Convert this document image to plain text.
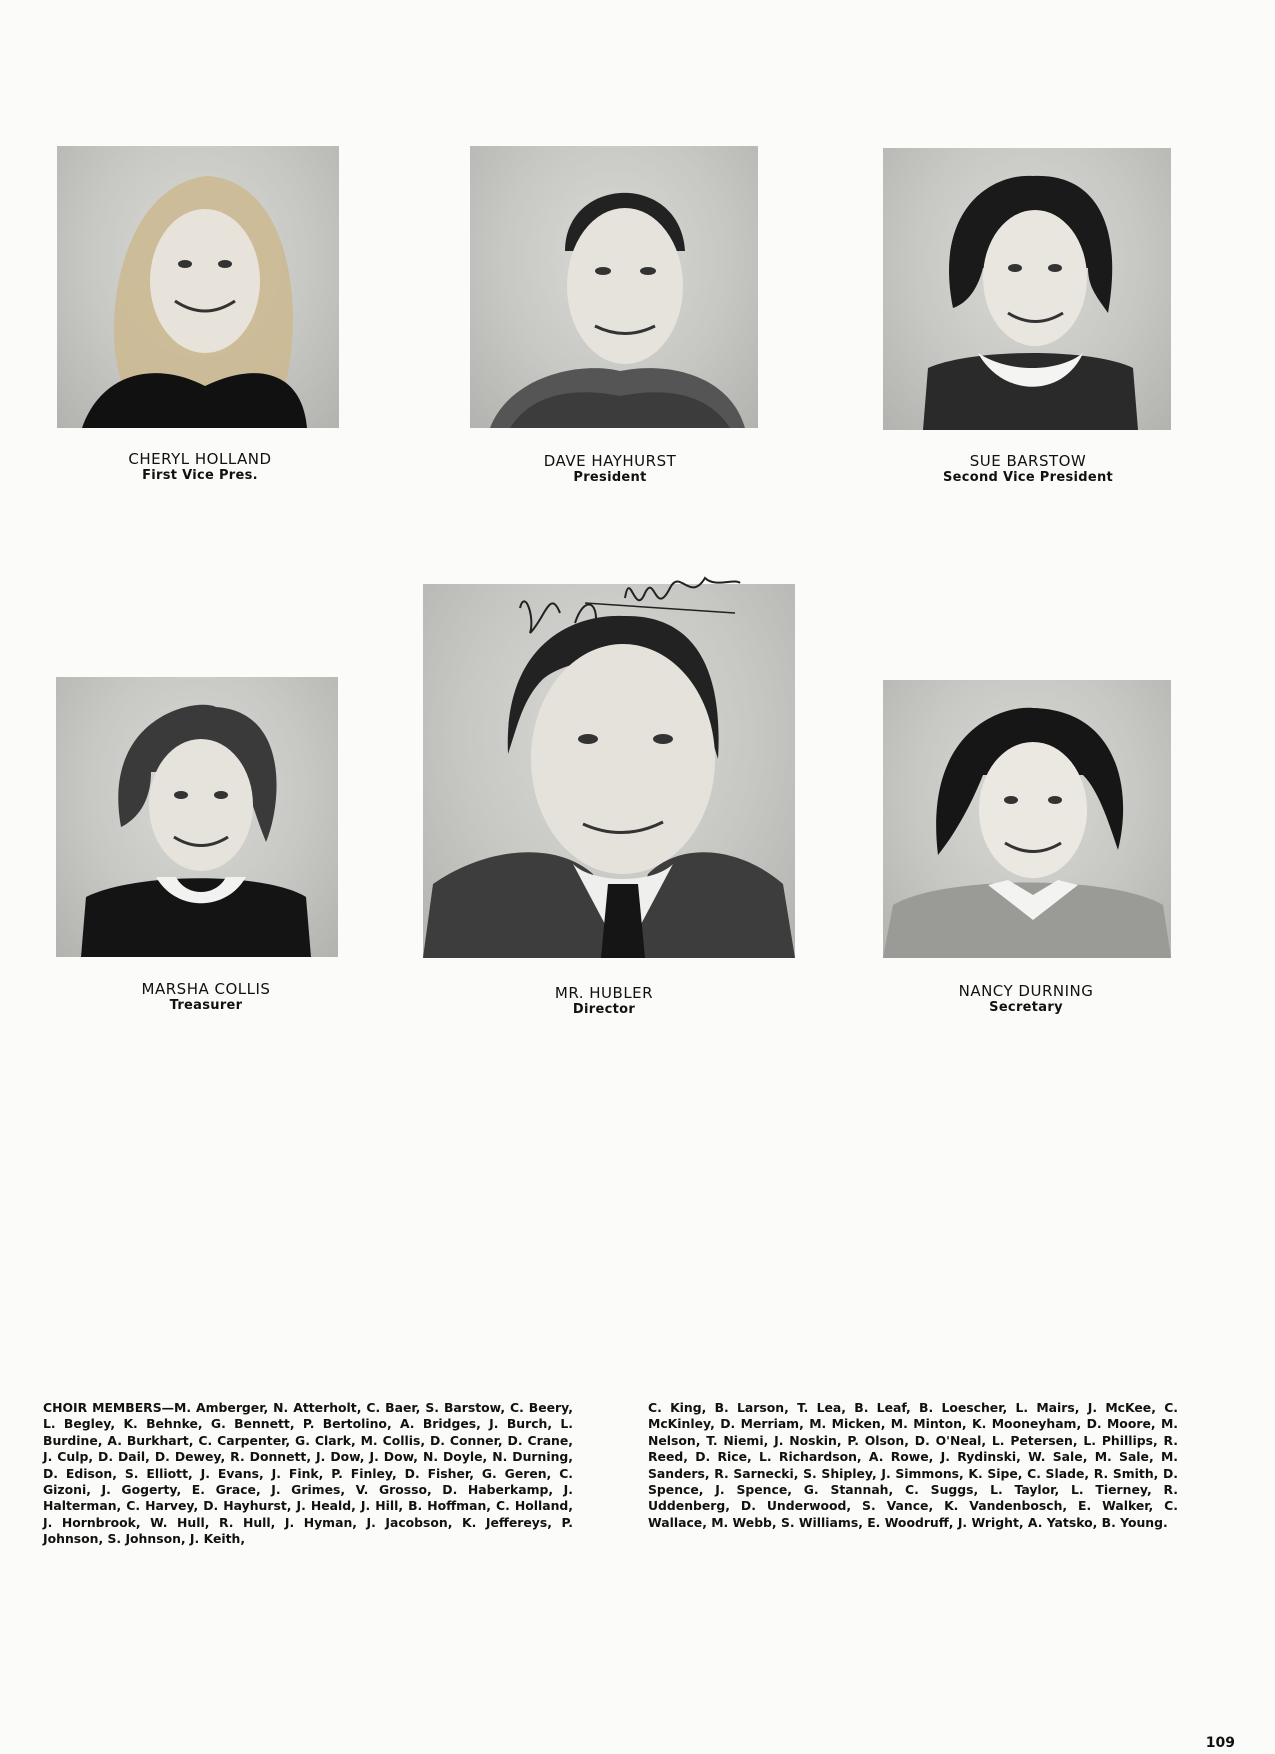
CHERYL HOLLAND
First Vice Pres.
DAVE HAYHURST
President
SUE BARSTOW
Second Vice President
MARSHA COLLIS
Treasurer
MR. HUBLER
Director
NANCY DURNING
Secretary

CHOIR MEMBERS—M. Amberger, N. Atterholt, C. Baer, S. Barstow, C. Beery, L. Begley, K. Behnke, G. Bennett, P. Bertolino, A. Bridges, J. Burch, L. Burdine, A. Burkhart, C. Carpenter, G. Clark, M. Collis, D. Conner, D. Crane, J. Culp, D. Dail, D. Dewey, R. Donnett, J. Dow, J. Dow, N. Doyle, N. Durning, D. Edison, S. Elliott, J. Evans, J. Fink, P. Finley, D. Fisher, G. Geren, C. Gizoni, J. Gogerty, E. Grace, J. Grimes, V. Grosso, D. Haberkamp, J. Halterman, C. Harvey, D. Hayhurst, J. Heald, J. Hill, B. Hoffman, C. Holland, J. Hornbrook, W. Hull, R. Hull, J. Hyman, J. Jacobson, K. Jeffereys, P. Johnson, S. Johnson, J. Keith,

C. King, B. Larson, T. Lea, B. Leaf, B. Loescher, L. Mairs, J. McKee, C. McKinley, D. Merriam, M. Micken, M. Minton, K. Mooneyham, D. Moore, M. Nelson, T. Niemi, J. Noskin, P. Olson, D. O'Neal, L. Petersen, L. Phillips, R. Reed, D. Rice, L. Richardson, A. Rowe, J. Rydinski, W. Sale, M. Sale, M. Sanders, R. Sarnecki, S. Shipley, J. Simmons, K. Sipe, C. Slade, R. Smith, D. Spence, J. Spence, G. Stannah, C. Suggs, L. Taylor, L. Tierney, R. Uddenberg, D. Underwood, S. Vance, K. Vandenbosch, E. Walker, C. Wallace, M. Webb, S. Williams, E. Woodruff, J. Wright, A. Yatsko, B. Young.

109
